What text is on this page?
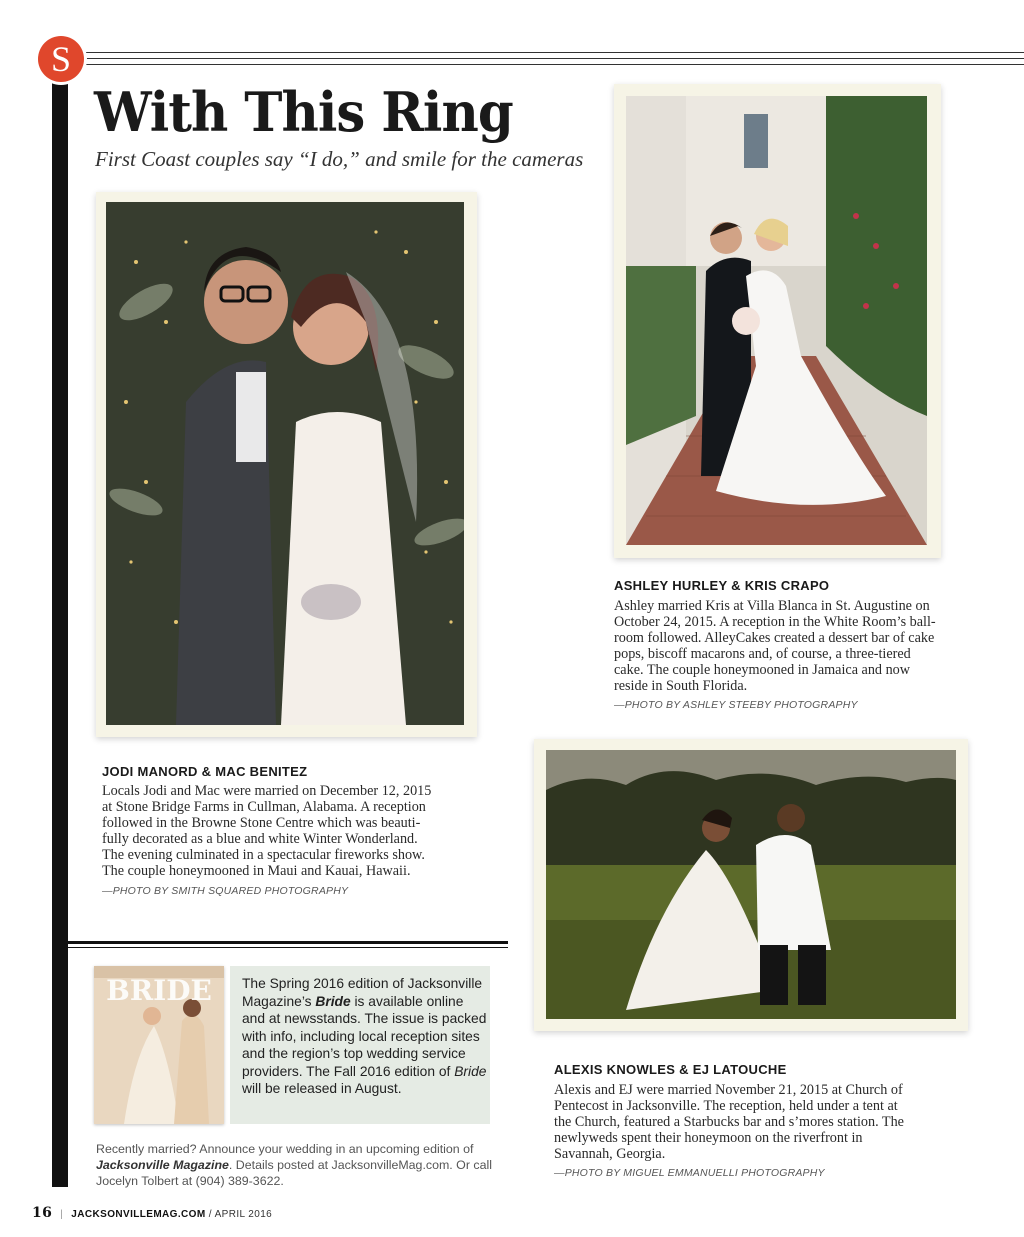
S
With This Ring
First Coast couples say “I do,” and smile for the cameras
JODI MANORD & MAC BENITEZ
Locals Jodi and Mac were married on December 12, 2015
at Stone Bridge Farms in Cullman, Alabama. A reception
followed in the Browne Stone Centre which was beauti-
fully decorated as a blue and white Winter Wonderland.
The evening culminated in a spectacular fireworks show.
The couple honeymooned in Maui and Kauai, Hawaii.
—PHOTO BY SMITH SQUARED PHOTOGRAPHY
ASHLEY HURLEY & KRIS CRAPO
Ashley married Kris at Villa Blanca in St. Augustine on
October 24, 2015. A reception in the White Room’s ball-
room followed. AlleyCakes created a dessert bar of cake
pops, biscoff macarons and, of course, a three-tiered
cake. The couple honeymooned in Jamaica and now
reside in South Florida.
—PHOTO BY ASHLEY STEEBY PHOTOGRAPHY
ALEXIS KNOWLES & EJ LATOUCHE
Alexis and EJ were married November 21, 2015 at Church of
Pentecost in Jacksonville. The reception, held under a tent at
the Church, featured a Starbucks bar and s’mores station. The
newlyweds spent their honeymoon on the riverfront in
Savannah, Georgia.
—PHOTO BY MIGUEL EMMANUELLI PHOTOGRAPHY
BRIDE The Spring 2016 edition of Jacksonville Magazine’s Bride is available online and at newsstands. The issue is packed with info, including local reception sites and the region’s top wedding service providers. The Fall 2016 edition of Bride will be released in August.
Recently married? Announce your wedding in an upcoming edition of Jacksonville Magazine. Details posted at JacksonvilleMag.com. Or call Jocelyn Tolbert at (904) 389-3622.
16 | JACKSONVILLEMAG.COM / APRIL 2016
